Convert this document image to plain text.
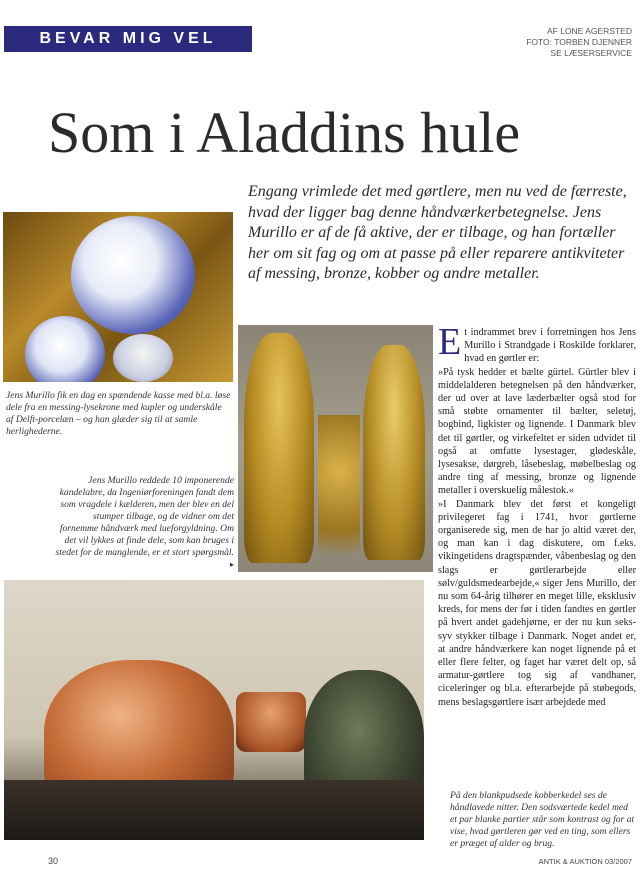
BEVAR MIG VEL	AF LONE AGERSTED
FOTO: TORBEN DJENNER
SE LÆSERSERVICE
Som i Aladdins hule
Engang vrimlede det med gørtlere, men nu ved de færreste, hvad der ligger bag denne håndværkerbetegnelse. Jens Murillo er af de få aktive, der er tilbage, og han fortæller her om sit fag og om at passe på eller reparere antikviteter af messing, bronze, kobber og andre metaller.
Jens Murillo fik en dag en spændende kasse med bl.a. løse dele fra en messing-lysekrone med kupler og underskåle af Delft-porcelæn – og han glæder sig til at samle herlighederne.
Jens Murillo reddede 10 imponerende kandelabre, da Ingeniørforeningen fandt dem som vragdele i kælderen, men der blev en del stumper tilbage, og de vidner om det fornemme håndværk med lueforgyldning. Om det vil lykkes at finde dele, som kan bruges i stedet for de manglende, er et stort spørgsmål. ▸

Et indrammet brev i forretningen hos Jens Murillo i Strandgade i Roskilde forklarer, hvad en gørtler er:

»På tysk hedder et bælte gürtel. Gürtler blev i middelalderen betegnelsen på den håndværker, der ud over at lave læderbælter også stod for små støbte ornamenter til bælter, seletøj, bogbind, ligkister og lignende. I Danmark blev det til gørtler, og virkefeltet er siden udvidet til også at omfatte lysestager, glødeskåle, lysesakse, dørgreb, låsebeslag, møbelbeslag og andre ting af messing, bronze og lignende metaller i overskuelig målestok.«

»I Danmark blev det først et kongeligt privilegeret fag i 1741, hvor gørtlerne organiserede sig, men de har jo altid været der, og man kan i dag diskutere, om f.eks. vikingetidens dragtspænder, våbenbeslag og den slags er gørtlerarbejde eller sølv/guldsmedearbejde,« siger Jens Murillo, der nu som 64-årig tilhører en meget lille, eksklusiv kreds, for mens der før i tiden fandtes en gørtler på hvert andet gadehjørne, er der nu kun seks-syv stykker tilbage i Danmark. Noget andet er, at andre håndværkere kan noget lignende på et eller flere felter, og faget har været delt op, så armatur-gørtlere tog sig af vandhaner, ciceleringer og bl.a. efterarbejde på støbegods, mens beslagsgørtlere især arbejdede med

På den blankpudsede kobberkedel ses de håndlavede nitter. Den sodsværtede kedel med et par blanke partier står som kontrast og for at vise, hvad gørtleren gør ved en ting, som ellers er præget af alder og brug.
30	ANTIK & AUKTION 03/2007
